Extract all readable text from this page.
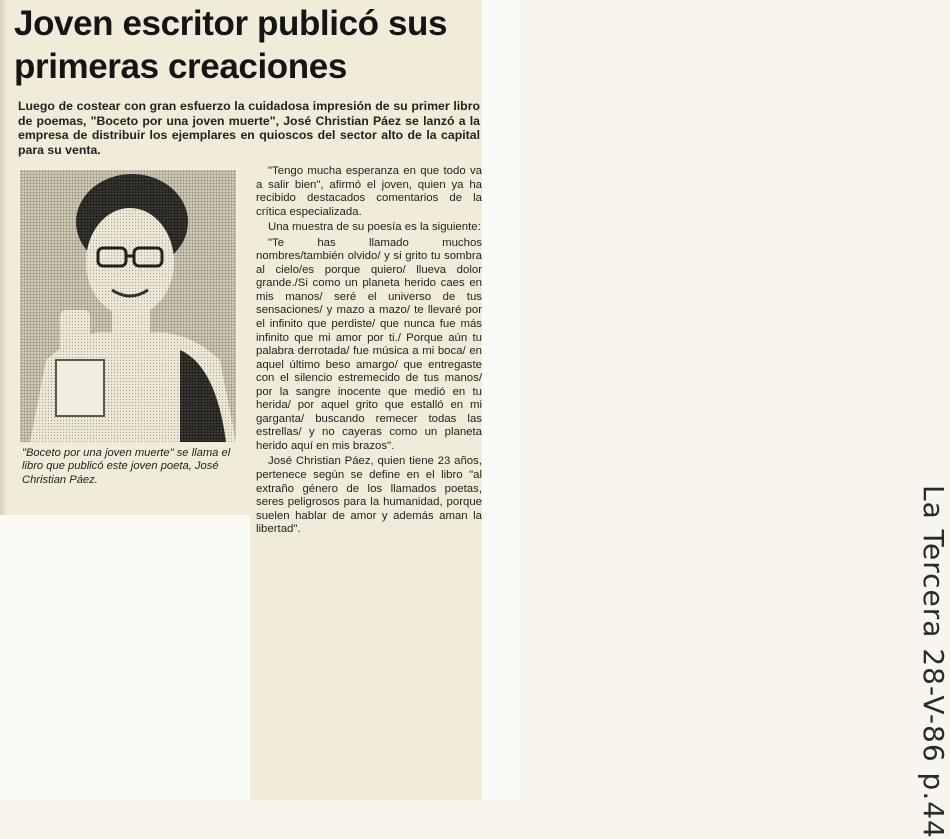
Joven escritor publicó sus primeras creaciones

Luego de costear con gran esfuerzo la cuidadosa impresión de su primer libro de poemas, "Boceto por una joven muerte", José Christian Páez se lanzó a la empresa de distribuir los ejemplares en quioscos del sector alto de la capital para su venta.

"Boceto por una joven muerte" se llama el libro que publicó este joven poeta, José Christian Páez.

"Tengo mucha esperanza en que todo va a salir bien", afirmó el joven, quien ya ha recibido destacados comentarios de la crítica especializada.

Una muestra de su poesía es la siguiente:

"Te has llamado muchos nombres/también olvido/ y si grito tu sombra al cielo/es porque quiero/ llueva dolor grande./Si como un planeta herido caes en mis manos/ seré el universo de tus sensaciones/ y mazo a mazo/ te llevaré por el infinito que perdiste/ que nunca fue más infinito que mi amor por ti./ Porque aún tu palabra derrotada/ fue música a mi boca/ en aquel último beso amargo/ que entregaste con el silencio estremecido de tus manos/ por la sangre inocente que medió en tu herida/ por aquel grito que estalló en mi garganta/ buscando remecer todas las estrellas/ y no cayeras como un planeta herido aquí en mis brazos".

José Christian Páez, quien tiene 23 años, pertenece según se define en el libro "al extraño género de los llamados poetas, seres peligrosos para la humanidad, porque suelen hablar de amor y además aman la libertad".	La Tercera 28-V-86 p.44
